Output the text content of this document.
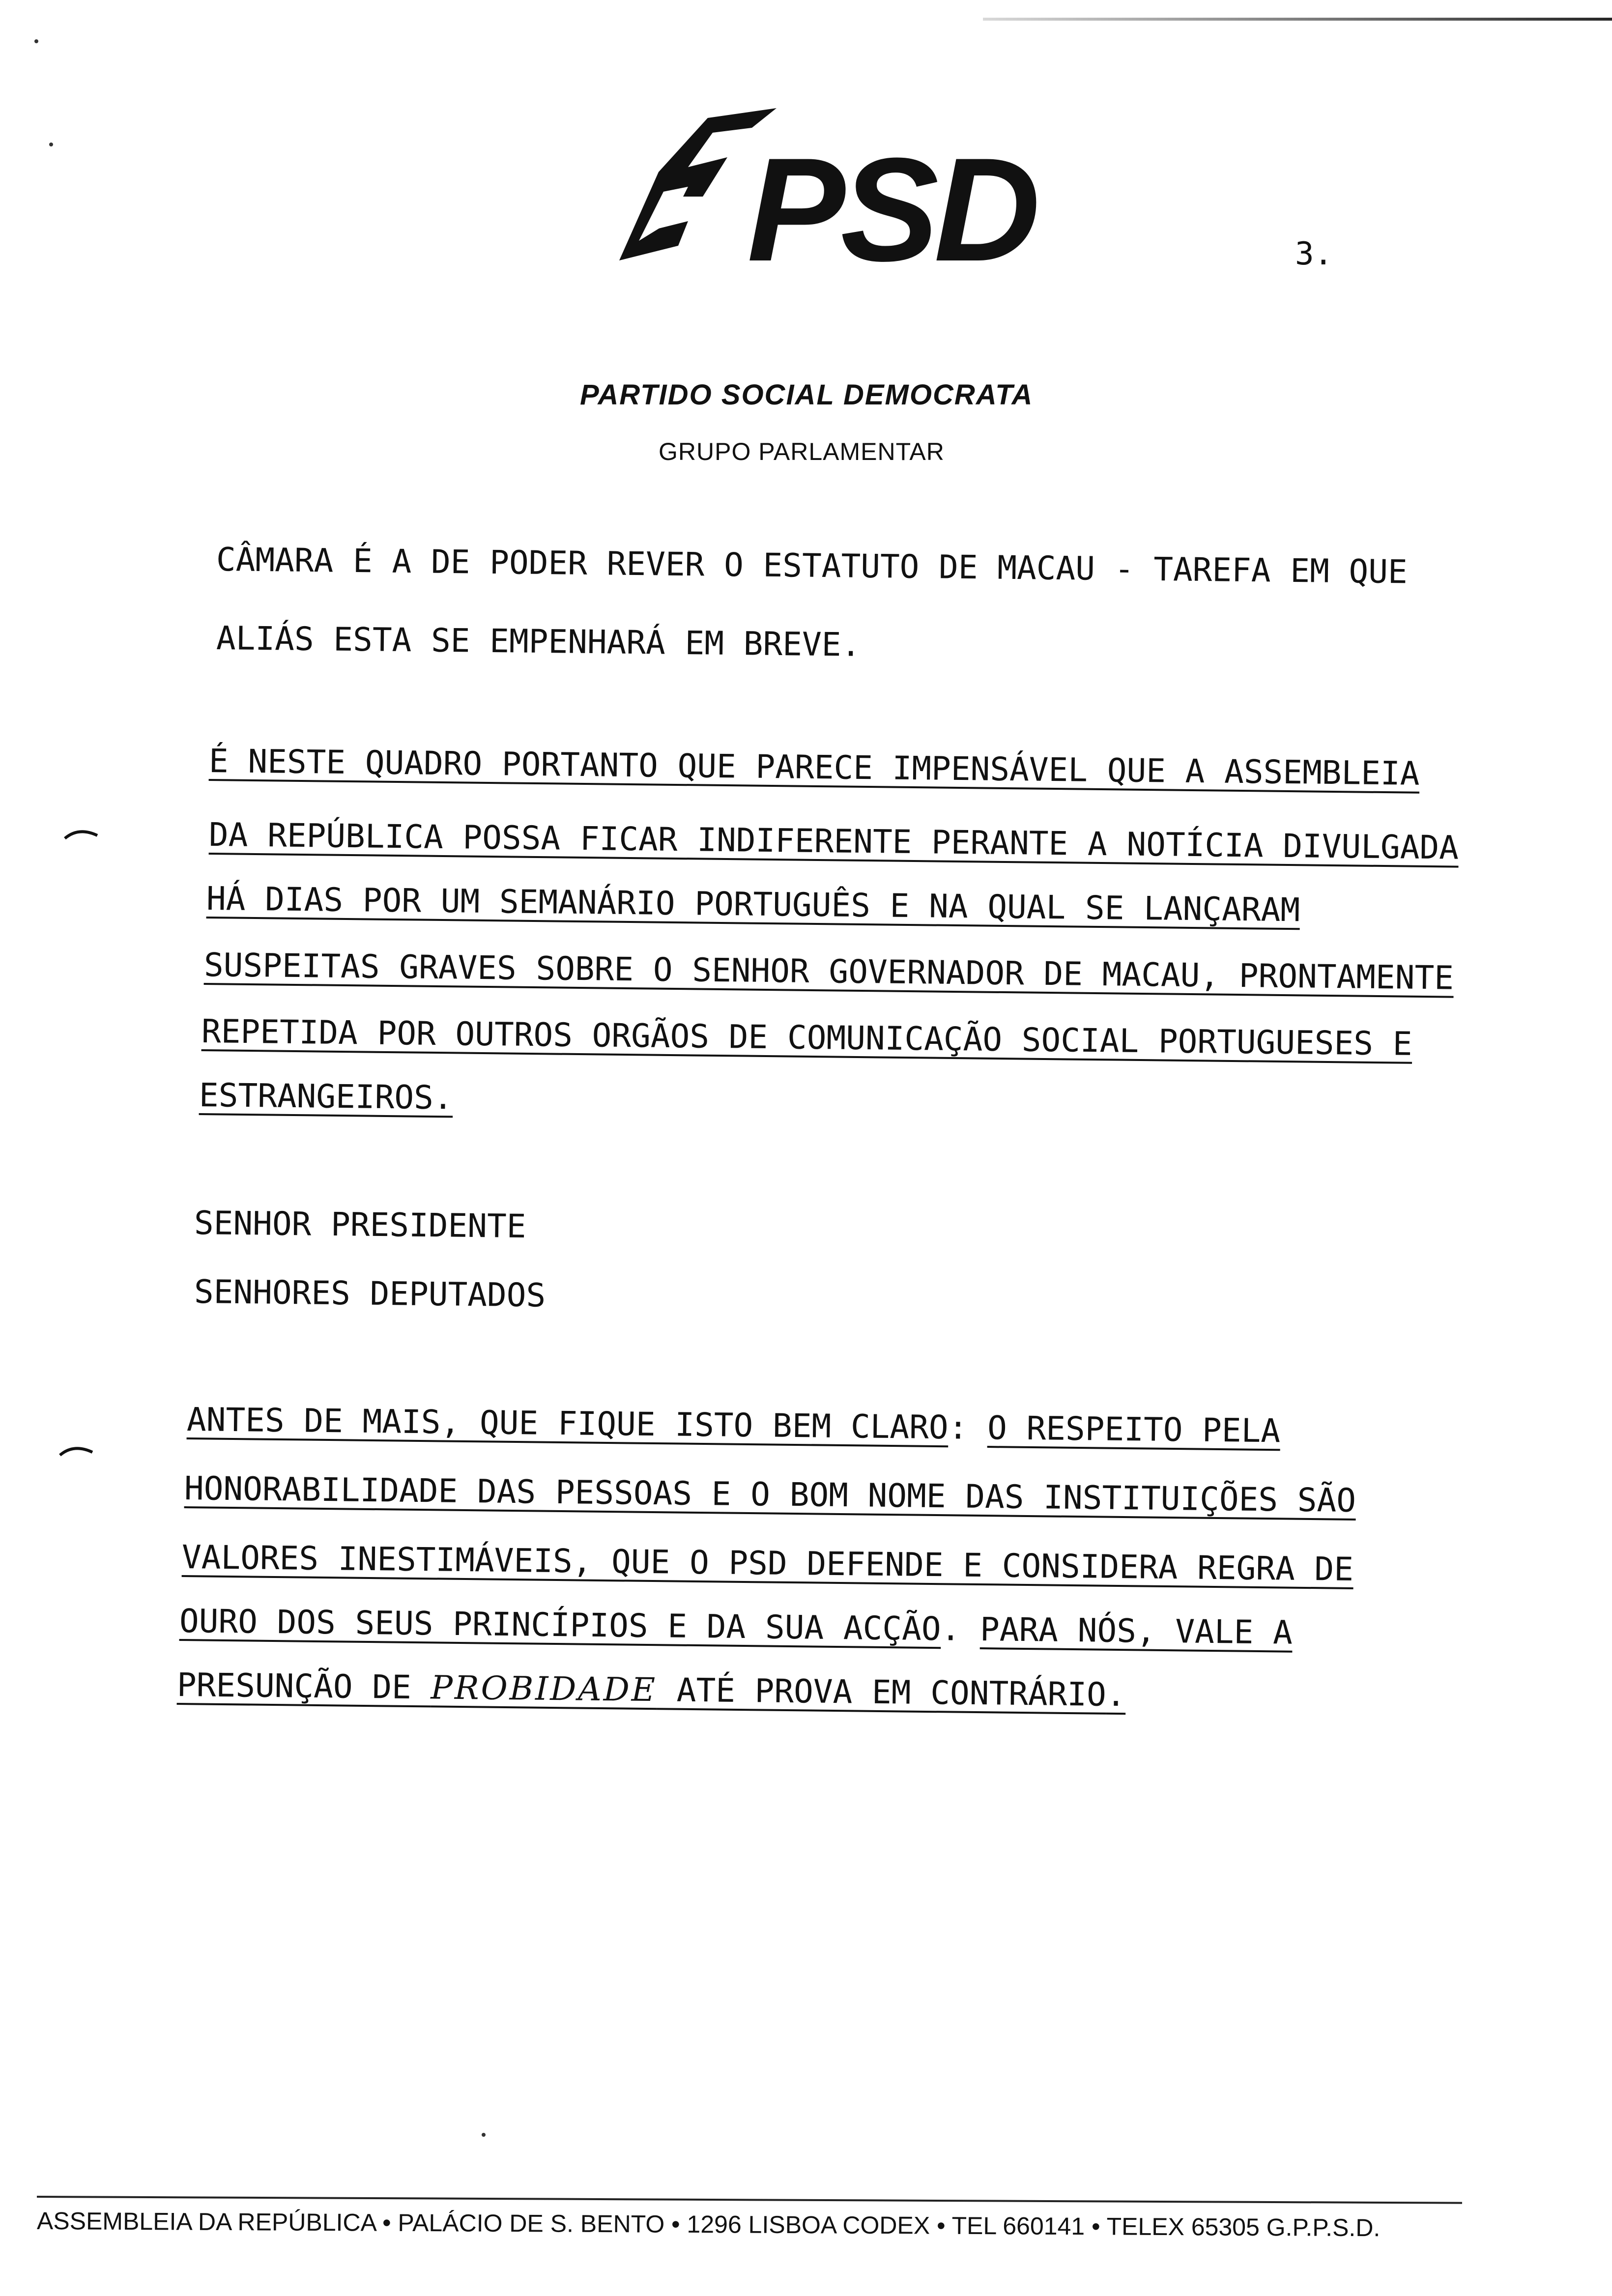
PSD
PARTIDO SOCIAL DEMOCRATA
GRUPO PARLAMENTAR
3.
CÂMARA É A DE PODER REVER O ESTATUTO DE MACAU - TAREFA EM QUE
ALIÁS ESTA SE EMPENHARÁ EM BREVE.
É NESTE QUADRO PORTANTO QUE PARECE IMPENSÁVEL QUE A ASSEMBLEIA
DA REPÚBLICA POSSA FICAR INDIFERENTE PERANTE A NOTÍCIA DIVULGADA
HÁ DIAS POR UM SEMANÁRIO PORTUGUÊS E NA QUAL SE LANÇARAM
SUSPEITAS GRAVES SOBRE O SENHOR GOVERNADOR DE MACAU, PRONTAMENTE
REPETIDA POR OUTROS ORGÃOS DE COMUNICAÇÃO SOCIAL PORTUGUESES E
ESTRANGEIROS.
SENHOR PRESIDENTE
SENHORES DEPUTADOS
ANTES DE MAIS, QUE FIQUE ISTO BEM CLARO: O RESPEITO PELA
HONORABILIDADE DAS PESSOAS E O BOM NOME DAS INSTITUIÇÕES SÃO
VALORES INESTIMÁVEIS, QUE O PSD DEFENDE E CONSIDERA REGRA DE
OURO DOS SEUS PRINCÍPIOS E DA SUA ACÇÃO. PARA NÓS, VALE A
PRESUNÇÃO DE PROBIDADE ATÉ PROVA EM CONTRÁRIO.
ASSEMBLEIA DA REPÚBLICA • PALÁCIO DE S. BENTO • 1296 LISBOA CODEX • TEL 660141 • TELEX 65305 G.P.P.S.D.
